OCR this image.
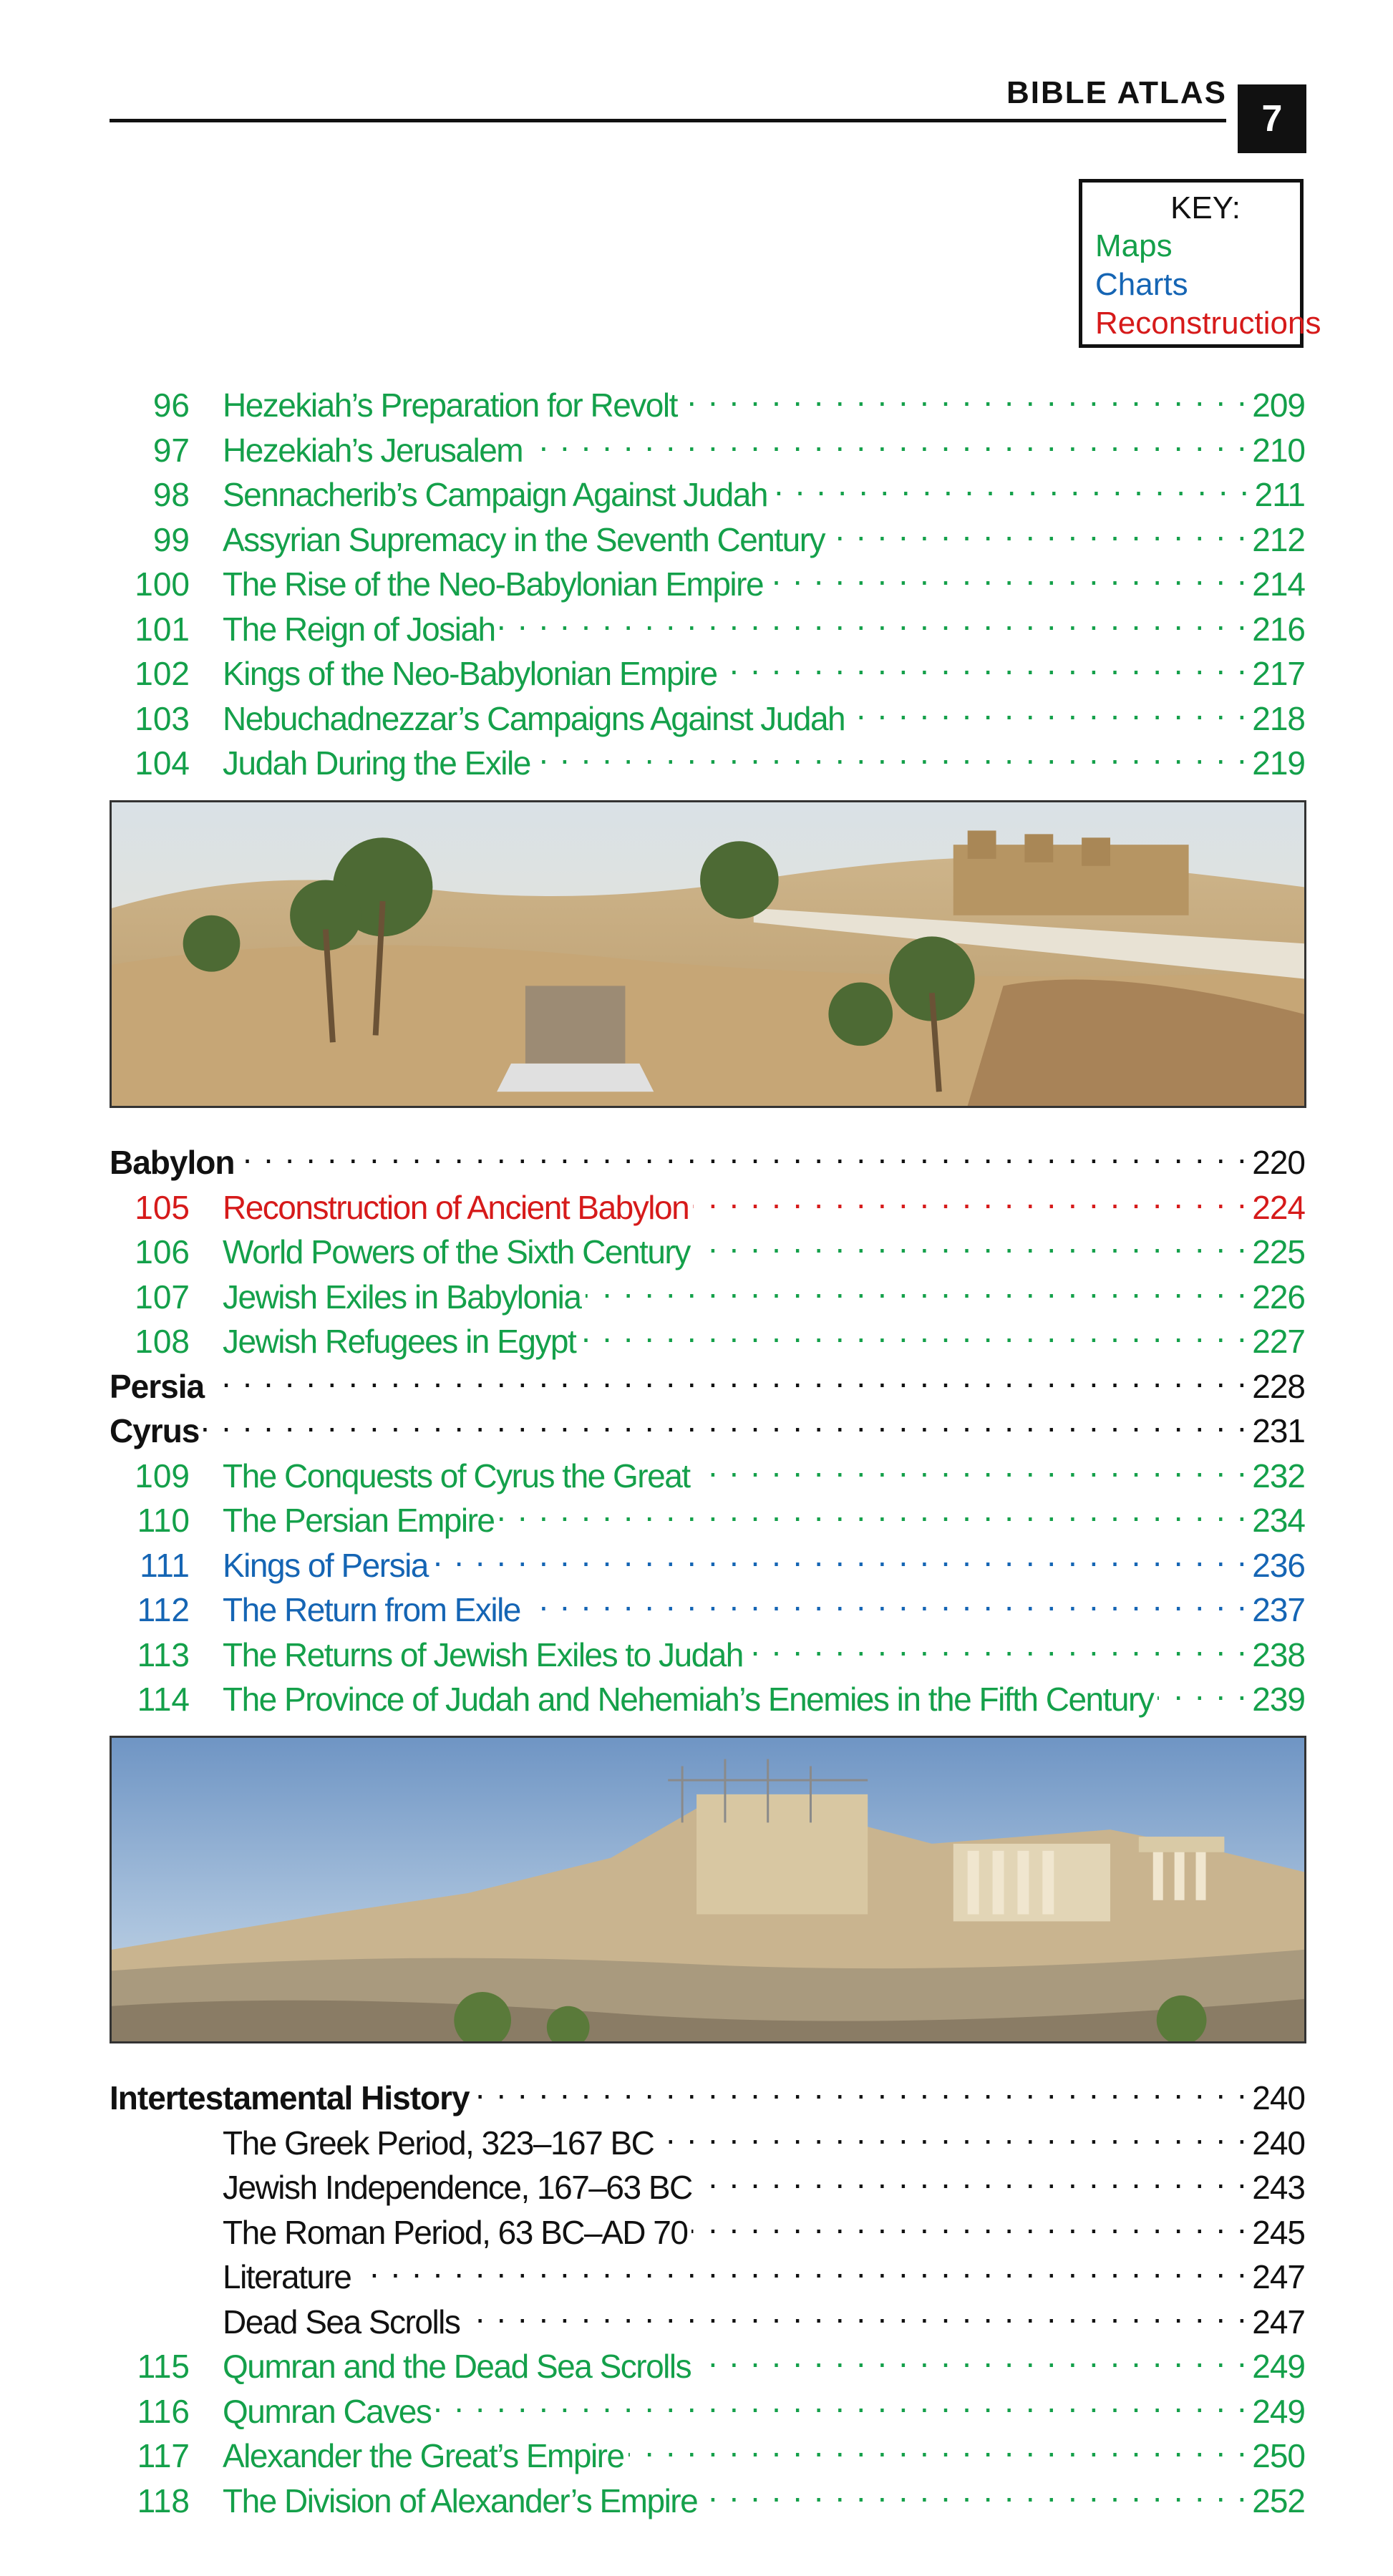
BIBLE ATLAS
7
KEY:
Maps
Charts
Reconstructions
96 Hezekiah’s Preparation for Revolt . . .	209
97 Hezekiah’s Jerusalem . . .	210
98 Sennacherib’s Campaign Against Judah . . .	211
99 Assyrian Supremacy in the Seventh Century . . .	212
100 The Rise of the Neo-Babylonian Empire . . .	214
101 The Reign of Josiah . . .	216
102 Kings of the Neo-Babylonian Empire . . .	217
103 Nebuchadnezzar’s Campaigns Against Judah . . .	218
104 Judah During the Exile . . .	219
Babylon . . .	220
105 Reconstruction of Ancient Babylon . . .	224
106 World Powers of the Sixth Century . . .	225
107 Jewish Exiles in Babylonia . . .	226
108 Jewish Refugees in Egypt . . .	227
Persia . . .	228
Cyrus . . .	231
109 The Conquests of Cyrus the Great . . .	232
110 The Persian Empire . . .	234
111 Kings of Persia . . .	236
112 The Return from Exile . . .	237
113 The Returns of Jewish Exiles to Judah . . .	238
114 The Province of Judah and Nehemiah’s Enemies in the Fifth Century . . .	239
Intertestamental History . . .	240
The Greek Period, 323–167 BC . . .	240
Jewish Independence, 167–63 BC . . .	243
The Roman Period, 63 BC–AD 70 . . .	245
Literature . . .	247
Dead Sea Scrolls . . .	247
115 Qumran and the Dead Sea Scrolls . . .	249
116 Qumran Caves . . .	249
117 Alexander the Great’s Empire . . .	250
118 The Division of Alexander’s Empire . . .	252
